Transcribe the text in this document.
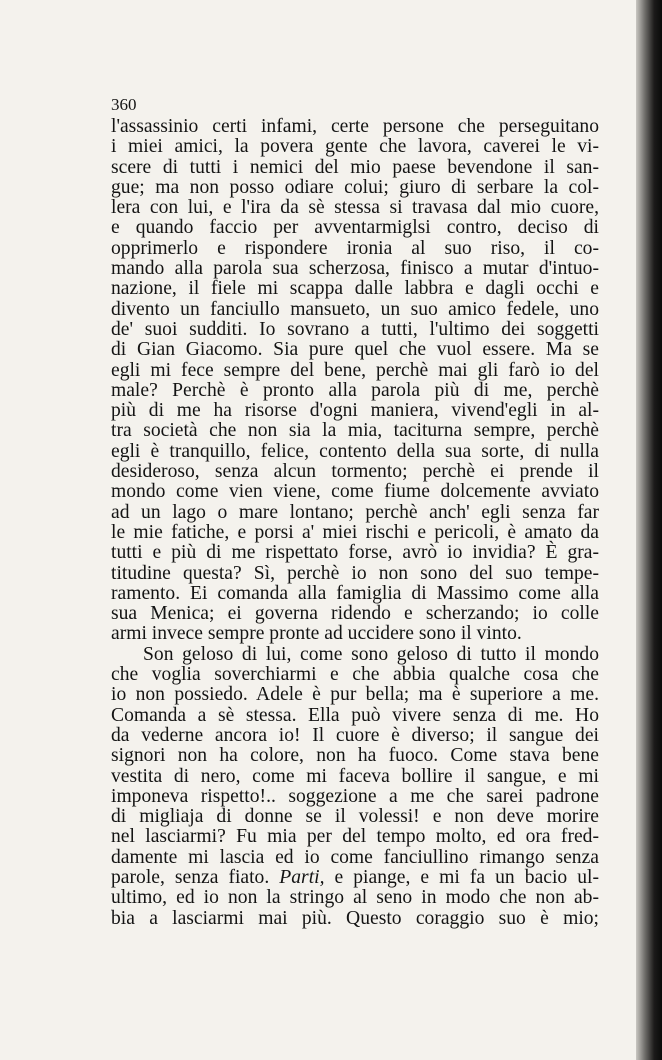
360
l'assassinio certi infami, certe persone che perseguitano
i miei amici, la povera gente che lavora, caverei le vi-
scere di tutti i nemici del mio paese bevendone il san-
gue; ma non posso odiare colui; giuro di serbare la col-
lera con lui, e l'ira da sè stessa si travasa dal mio cuore,
e quando faccio per avventarmiglsi contro, deciso di
opprimerlo e rispondere ironia al suo riso, il co-
mando alla parola sua scherzosa, finisco a mutar d'intuo-
nazione, il fiele mi scappa dalle labbra e dagli occhi e
divento un fanciullo mansueto, un suo amico fedele, uno
de' suoi sudditi. Io sovrano a tutti, l'ultimo dei soggetti
di Gian Giacomo. Sia pure quel che vuol essere. Ma se
egli mi fece sempre del bene, perchè mai gli farò io del
male? Perchè è pronto alla parola più di me, perchè
più di me ha risorse d'ogni maniera, vivend'egli in al-
tra società che non sia la mia, taciturna sempre, perchè
egli è tranquillo, felice, contento della sua sorte, di nulla
desideroso, senza alcun tormento; perchè ei prende il
mondo come vien viene, come fiume dolcemente avviato
ad un lago o mare lontano; perchè anch' egli senza far
le mie fatiche, e porsi a' miei rischi e pericoli, è amato da
tutti e più di me rispettato forse, avrò io invidia? È gra-
titudine questa? Sì, perchè io non sono del suo tempe-
ramento. Ei comanda alla famiglia di Massimo come alla
sua Menica; ei governa ridendo e scherzando; io colle
armi invece sempre pronte ad uccidere sono il vinto.
Son geloso di lui, come sono geloso di tutto il mondo
che voglia soverchiarmi e che abbia qualche cosa che
io non possiedo. Adele è pur bella; ma è superiore a me.
Comanda a sè stessa. Ella può vivere senza di me. Ho
da vederne ancora io! Il cuore è diverso; il sangue dei
signori non ha colore, non ha fuoco. Come stava bene
vestita di nero, come mi faceva bollire il sangue, e mi
imponeva rispetto!.. soggezione a me che sarei padrone
di migliaja di donne se il volessi! e non deve morire
nel lasciarmi? Fu mia per del tempo molto, ed ora fred-
damente mi lascia ed io come fanciullino rimango senza
parole, senza fiato. Parti, e piange, e mi fa un bacio ul-
ultimo, ed io non la stringo al seno in modo che non ab-
bia a lasciarmi mai più. Questo coraggio suo è mio;
